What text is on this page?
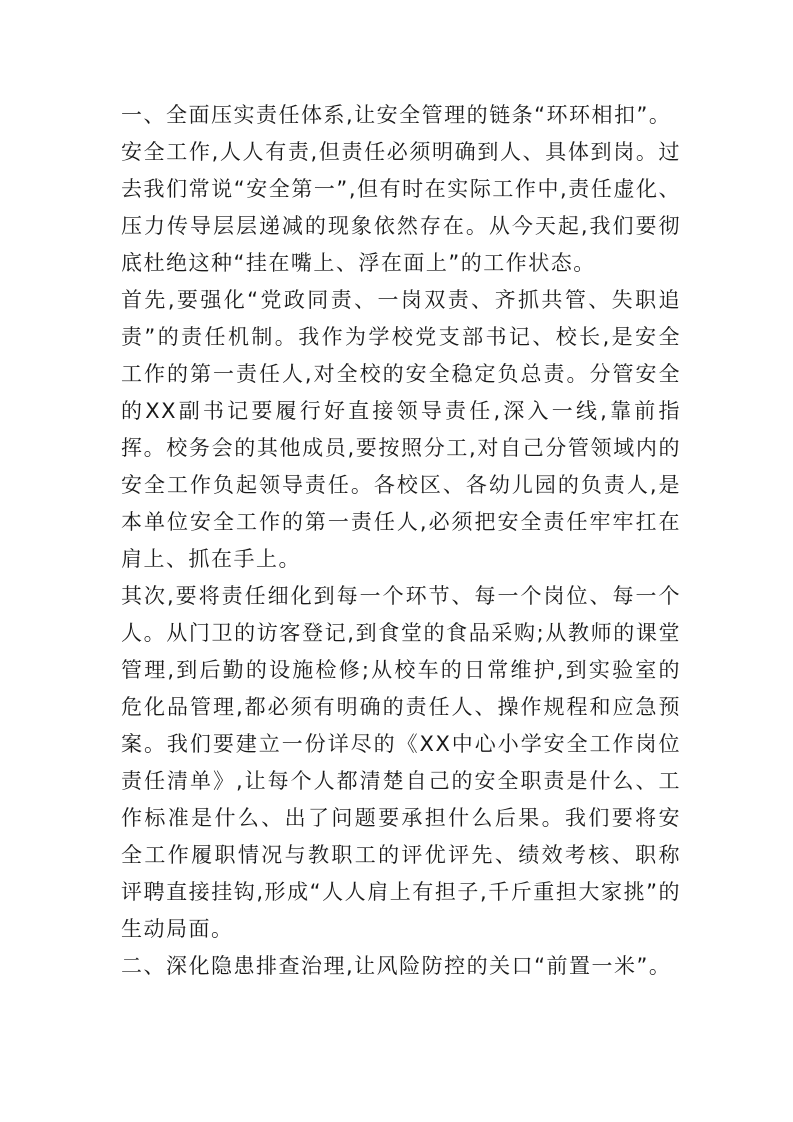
一、全面压实责任体系,让安全管理的链条“环环相扣”。

安全工作,人人有责,但责任必须明确到人、具体到岗。过去我们常说“安全第一”,但有时在实际工作中,责任虚化、压力传导层层递减的现象依然存在。从今天起,我们要彻底杜绝这种“挂在嘴上、浮在面上”的工作状态。

首先,要强化“党政同责、一岗双责、齐抓共管、失职追责”的责任机制。我作为学校党支部书记、校长,是安全工作的第一责任人,对全校的安全稳定负总责。分管安全的XX副书记要履行好直接领导责任,深入一线,靠前指挥。校务会的其他成员,要按照分工,对自己分管领域内的安全工作负起领导责任。各校区、各幼儿园的负责人,是本单位安全工作的第一责任人,必须把安全责任牢牢扛在肩上、抓在手上。

其次,要将责任细化到每一个环节、每一个岗位、每一个人。从门卫的访客登记,到食堂的食品采购;从教师的课堂管理,到后勤的设施检修;从校车的日常维护,到实验室的危化品管理,都必须有明确的责任人、操作规程和应急预案。我们要建立一份详尽的《XX中心小学安全工作岗位责任清单》,让每个人都清楚自己的安全职责是什么、工作标准是什么、出了问题要承担什么后果。我们要将安全工作履职情况与教职工的评优评先、绩效考核、职称评聘直接挂钩,形成“人人肩上有担子,千斤重担大家挑”的生动局面。

二、深化隐患排查治理,让风险防控的关口“前置一米”。
